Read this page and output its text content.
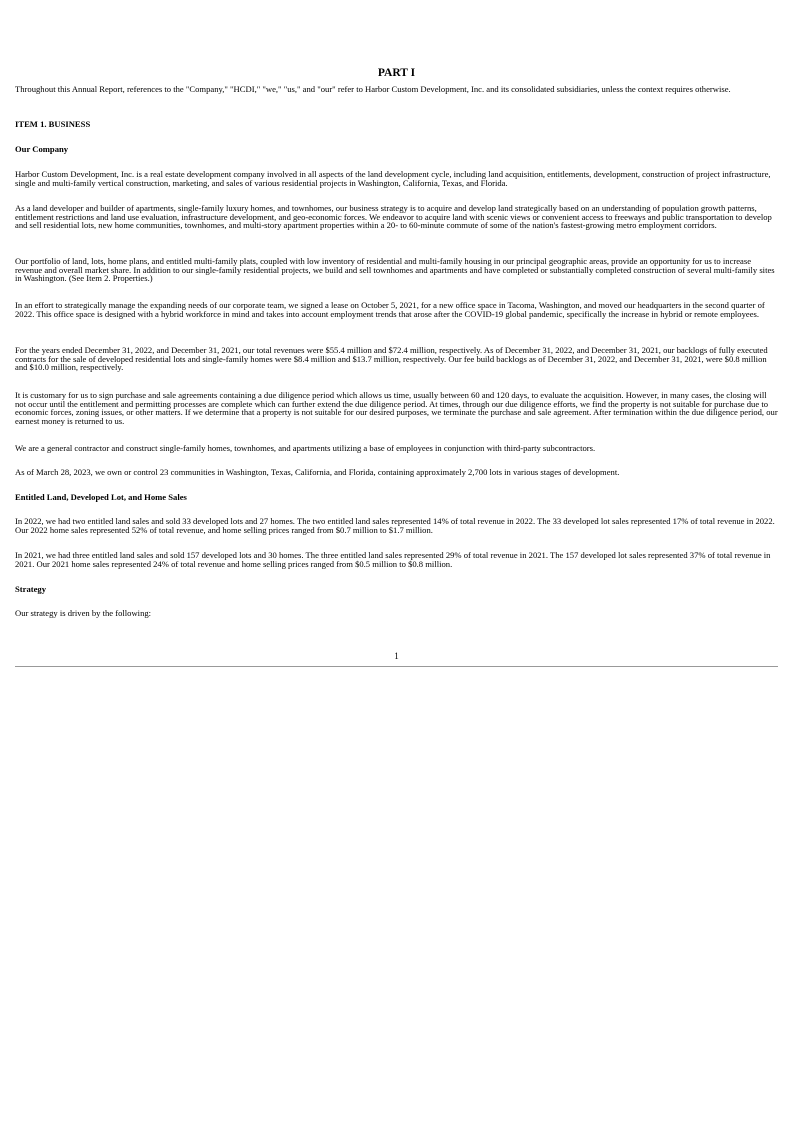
PART I

Throughout this Annual Report, references to the "Company," "HCDI," "we," "us," and "our" refer to Harbor Custom Development, Inc. and its consolidated subsidiaries, unless the context requires otherwise.

ITEM 1. BUSINESS

Our Company

Harbor Custom Development, Inc. is a real estate development company involved in all aspects of the land development cycle, including land acquisition, entitlements, development, construction of project infrastructure, single and multi-family vertical construction, marketing, and sales of various residential projects in Washington, California, Texas, and Florida.

As a land developer and builder of apartments, single-family luxury homes, and townhomes, our business strategy is to acquire and develop land strategically based on an understanding of population growth patterns, entitlement restrictions and land use evaluation, infrastructure development, and geo-economic forces. We endeavor to acquire land with scenic views or convenient access to freeways and public transportation to develop and sell residential lots, new home communities, townhomes, and multi-story apartment properties within a 20- to 60-minute commute of some of the nation's fastest-growing metro employment corridors.

Our portfolio of land, lots, home plans, and entitled multi-family plats, coupled with low inventory of residential and multi-family housing in our principal geographic areas, provide an opportunity for us to increase revenue and overall market share. In addition to our single-family residential projects, we build and sell townhomes and apartments and have completed or substantially completed construction of several multi-family sites in Washington. (See Item 2. Properties.)

In an effort to strategically manage the expanding needs of our corporate team, we signed a lease on October 5, 2021, for a new office space in Tacoma, Washington, and moved our headquarters in the second quarter of 2022. This office space is designed with a hybrid workforce in mind and takes into account employment trends that arose after the COVID-19 global pandemic, specifically the increase in hybrid or remote employees.

For the years ended December 31, 2022, and December 31, 2021, our total revenues were $55.4 million and $72.4 million, respectively. As of December 31, 2022, and December 31, 2021, our backlogs of fully executed contracts for the sale of developed residential lots and single-family homes were $8.4 million and $13.7 million, respectively. Our fee build backlogs as of December 31, 2022, and December 31, 2021, were $0.8 million and $10.0 million, respectively.

It is customary for us to sign purchase and sale agreements containing a due diligence period which allows us time, usually between 60 and 120 days, to evaluate the acquisition. However, in many cases, the closing will not occur until the entitlement and permitting processes are complete which can further extend the due diligence period. At times, through our due diligence efforts, we find the property is not suitable for purchase due to economic forces, zoning issues, or other matters. If we determine that a property is not suitable for our desired purposes, we terminate the purchase and sale agreement. After termination within the due diligence period, our earnest money is returned to us.

We are a general contractor and construct single-family homes, townhomes, and apartments utilizing a base of employees in conjunction with third-party subcontractors.

As of March 28, 2023, we own or control 23 communities in Washington, Texas, California, and Florida, containing approximately 2,700 lots in various stages of development.

Entitled Land, Developed Lot, and Home Sales

In 2022, we had two entitled land sales and sold 33 developed lots and 27 homes. The two entitled land sales represented 14% of total revenue in 2022. The 33 developed lot sales represented 17% of total revenue in 2022. Our 2022 home sales represented 52% of total revenue, and home selling prices ranged from $0.7 million to $1.7 million.

In 2021, we had three entitled land sales and sold 157 developed lots and 30 homes. The three entitled land sales represented 29% of total revenue in 2021. The 157 developed lot sales represented 37% of total revenue in 2021. Our 2021 home sales represented 24% of total revenue and home selling prices ranged from $0.5 million to $0.8 million.

Strategy

Our strategy is driven by the following:

1
